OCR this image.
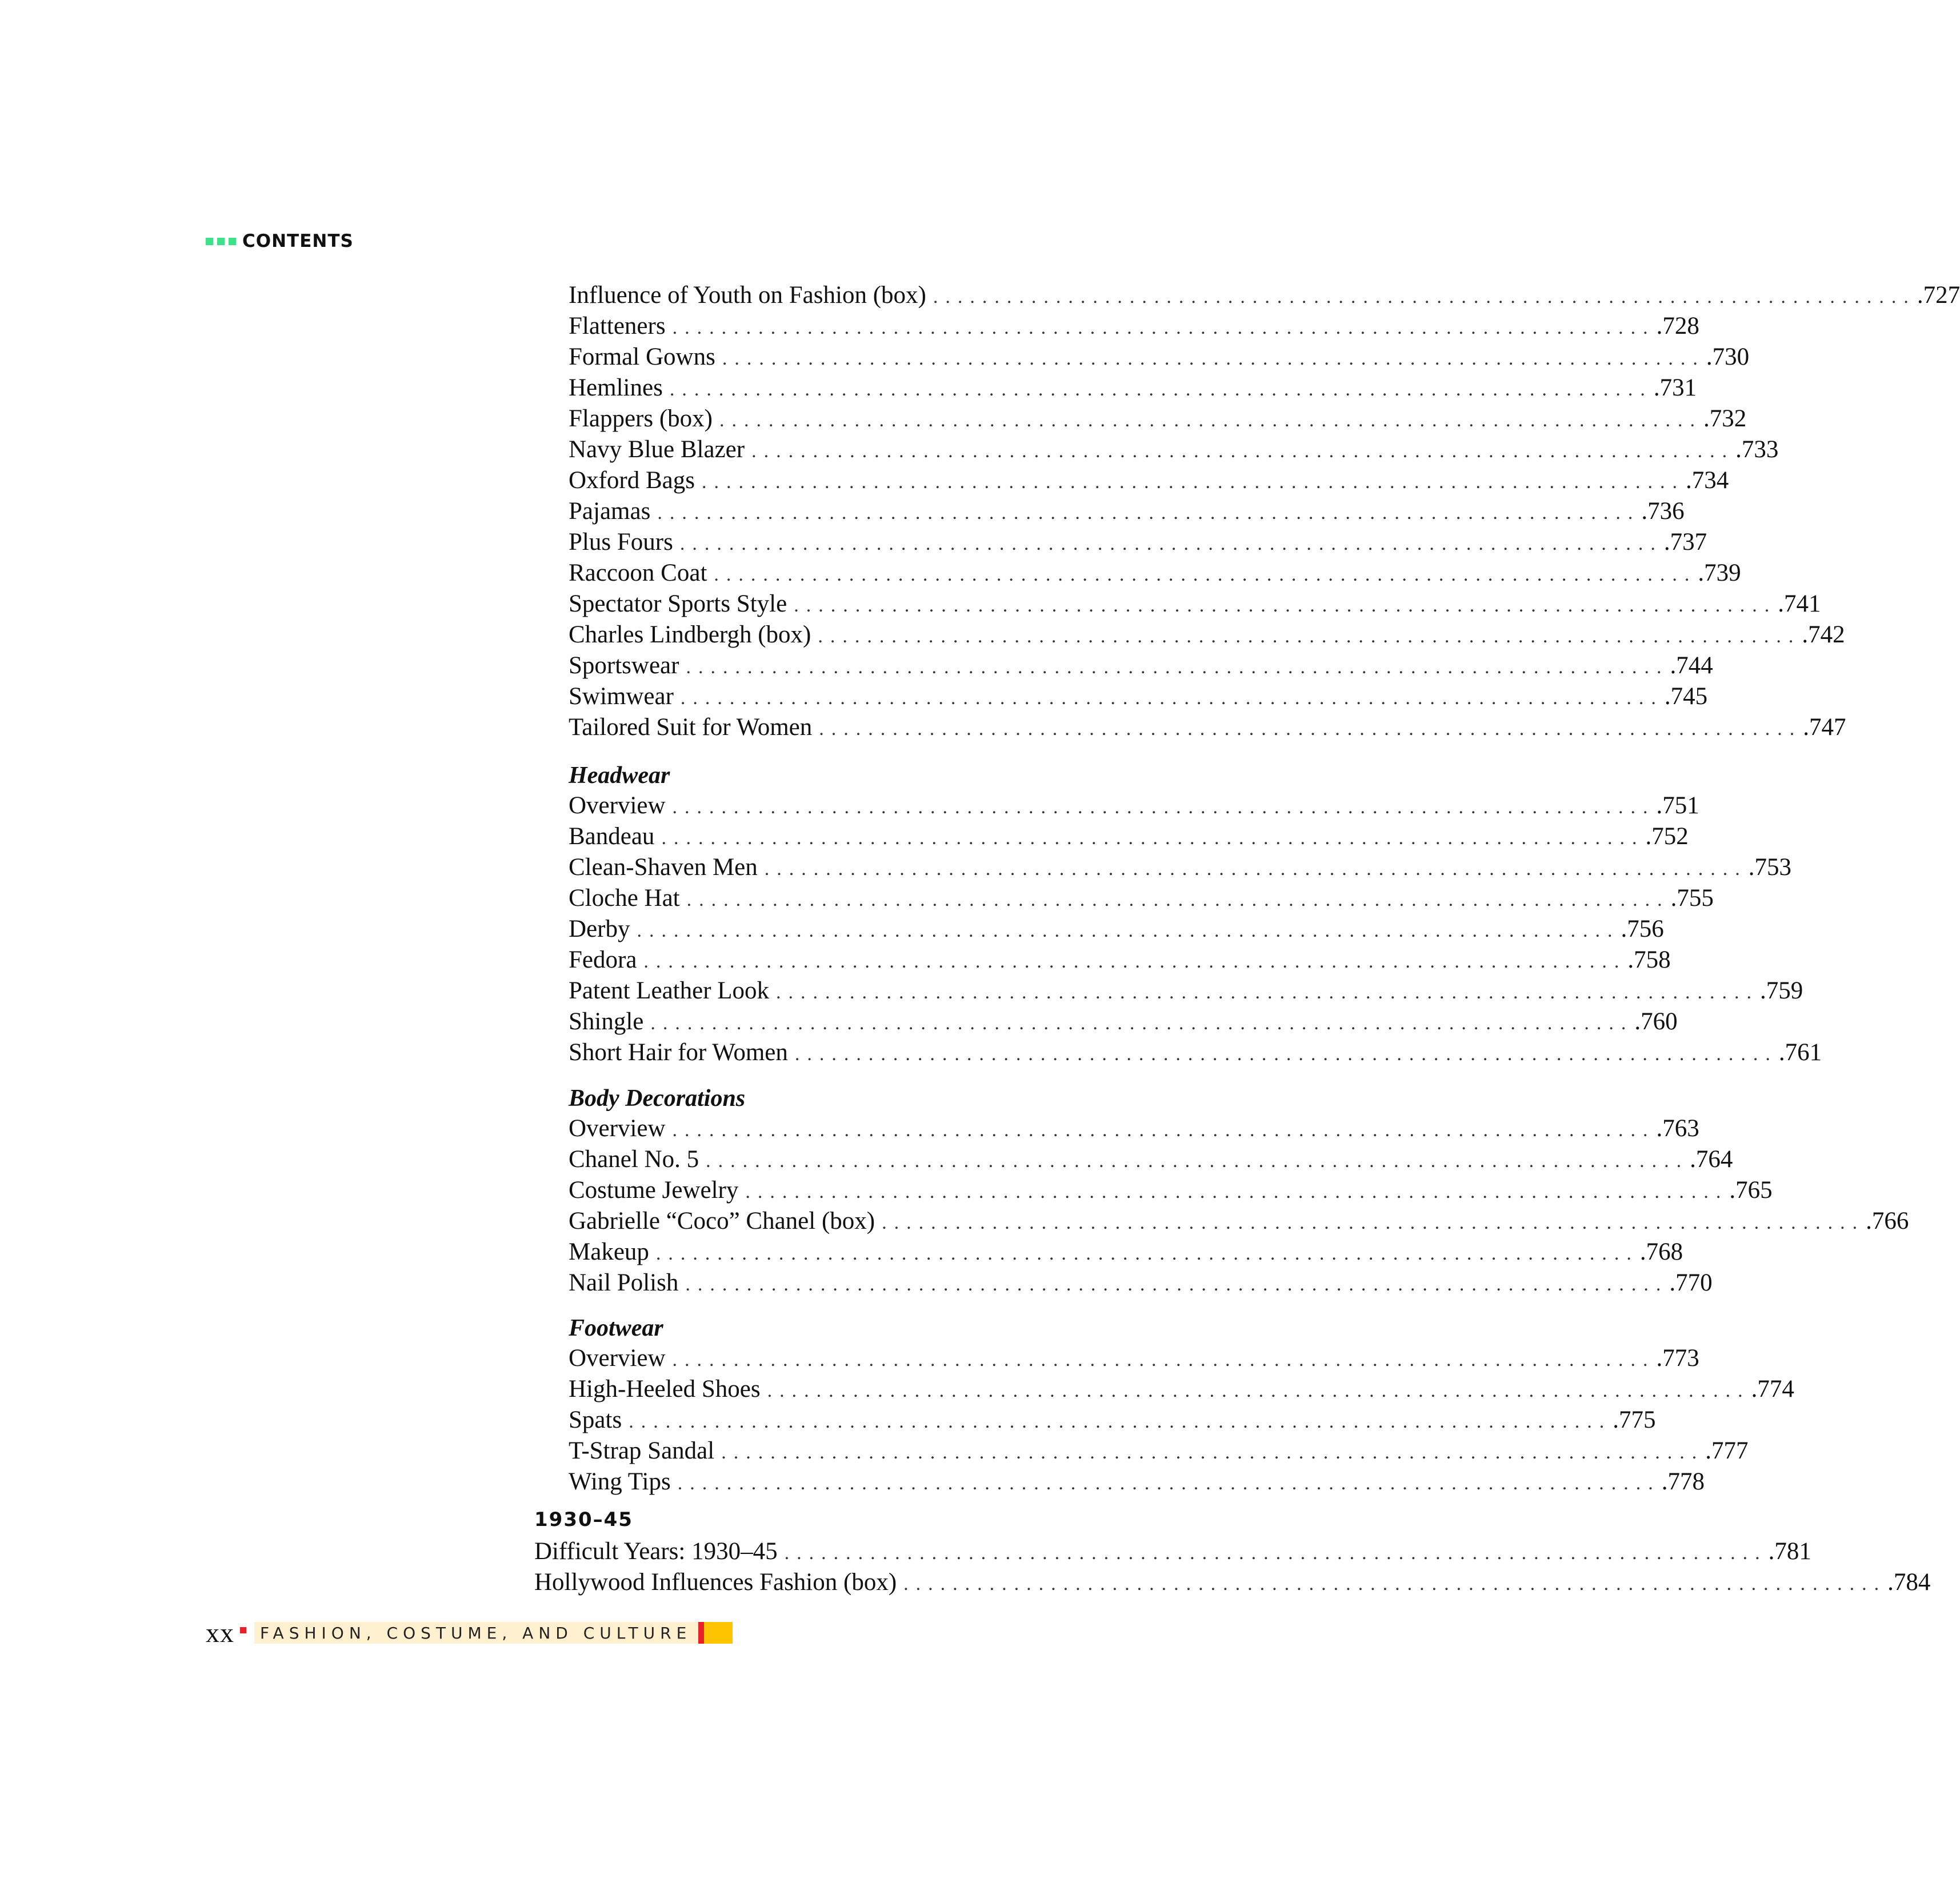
CONTENTS
Influence of Youth on Fashion (box) ................................................................................ .727
Flatteners ................................................................................ .728
Formal Gowns ................................................................................ .730
Hemlines ................................................................................ .731
Flappers (box) ................................................................................ .732
Navy Blue Blazer ................................................................................ .733
Oxford Bags ................................................................................ .734
Pajamas ................................................................................ .736
Plus Fours ................................................................................ .737
Raccoon Coat ................................................................................ .739
Spectator Sports Style ................................................................................ .741
Charles Lindbergh (box) ................................................................................ .742
Sportswear ................................................................................ .744
Swimwear ................................................................................ .745
Tailored Suit for Women ................................................................................ .747
Headwear
Overview ................................................................................ .751
Bandeau ................................................................................ .752
Clean-Shaven Men ................................................................................ .753
Cloche Hat ................................................................................ .755
Derby ................................................................................ .756
Fedora ................................................................................ .758
Patent Leather Look ................................................................................ .759
Shingle ................................................................................ .760
Short Hair for Women ................................................................................ .761
Body Decorations
Overview ................................................................................ .763
Chanel No. 5 ................................................................................ .764
Costume Jewelry ................................................................................ .765
Gabrielle “Coco” Chanel (box) ................................................................................ .766
Makeup ................................................................................ .768
Nail Polish ................................................................................ .770
Footwear
Overview ................................................................................ .773
High-Heeled Shoes ................................................................................ .774
Spats ................................................................................ .775
T-Strap Sandal ................................................................................ .777
Wing Tips ................................................................................ .778
1930–45
Difficult Years: 1930–45 ................................................................................ .781
Hollywood Influences Fashion (box) ................................................................................ .784
xx	FASHION, COSTUME, AND CULTURE
